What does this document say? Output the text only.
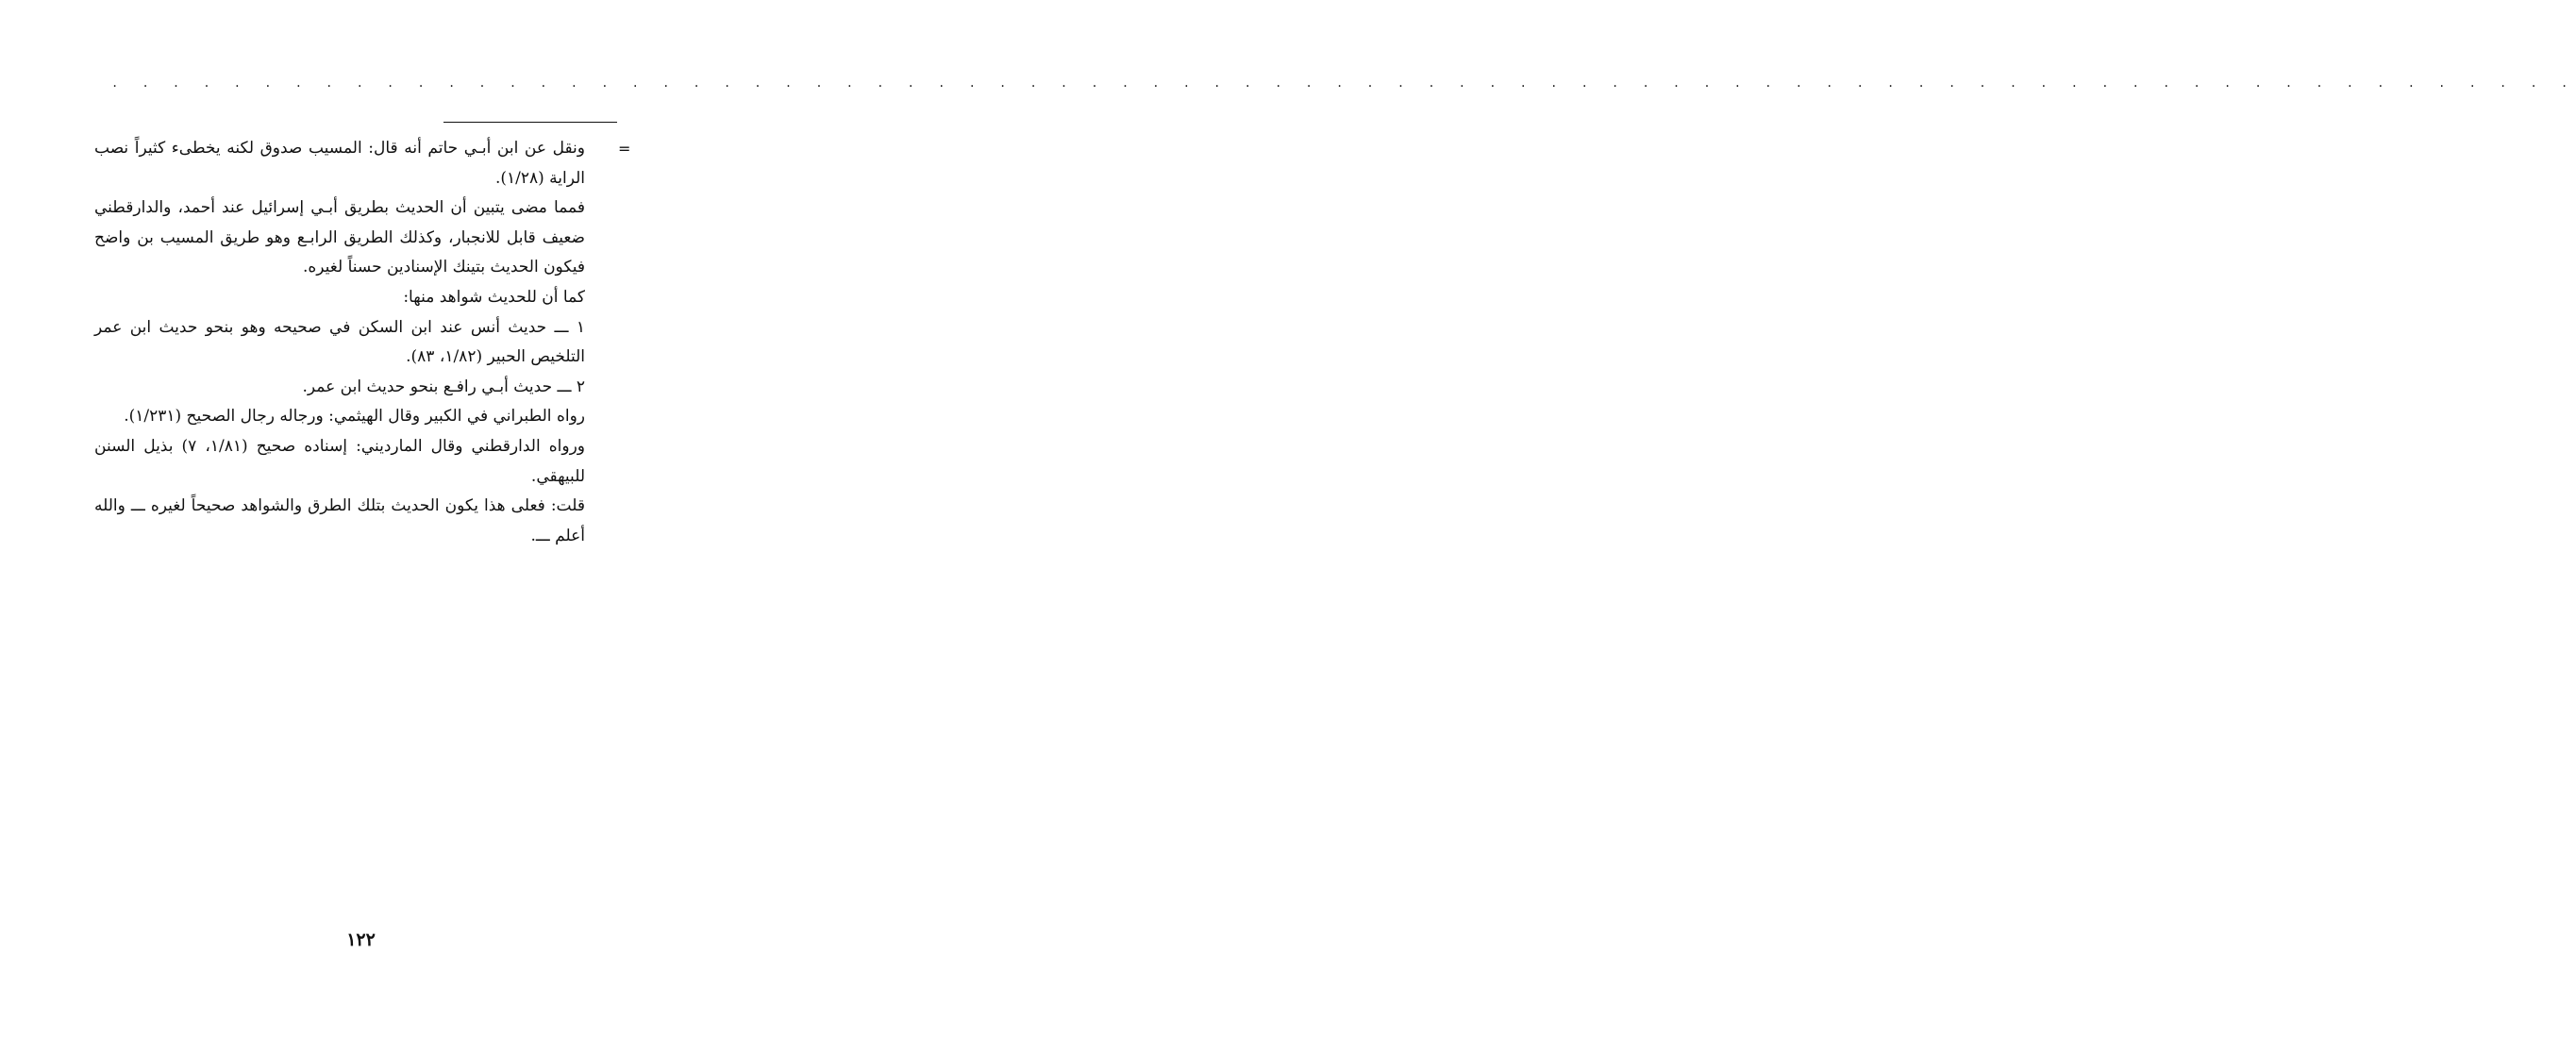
. . . . . . . . . . . . . . . . . . . . . . . . . . . . . . . . . . . . . . . . . . . . . . . . . . . . . . . . . . . . . . . . . . . . . . . . . . . . . . . . .
=

ونقل عن ابن أبـي حاتم أنه قال: المسيب صدوق لكنه يخطىء كثيراً نصب الراية (١/٢٨).

فمما مضى يتبين أن الحديث بطريق أبـي إسرائيل عند أحمد، والدارقطني ضعيف قابل للانجبار، وكذلك الطريق الرابـع وهو طريق المسيب بن واضح فيكون الحديث بتينك الإسنادين حسناً لغيره.

كما أن للحديث شواهد منها:

١ ـــ حديث أنس عند ابن السكن في صحيحه وهو بنحو حديث ابن عمر التلخيص الحبير (١/٨٢، ٨٣).

٢ ـــ حديث أبـي رافـع بنحو حديث ابن عمر.

رواه الطبراني في الكبير وقال الهيثمي: ورجاله رجال الصحيح (١/٢٣١).

ورواه الدارقطني وقال المارديني: إسناده صحيح (١/٨١، ٧) بذيل السنن للبيهقي.

قلت: فعلى هذا يكون الحديث بتلك الطرق والشواهد صحيحاً لغيره ـــ والله أعلم ـــ.

١٢٢
